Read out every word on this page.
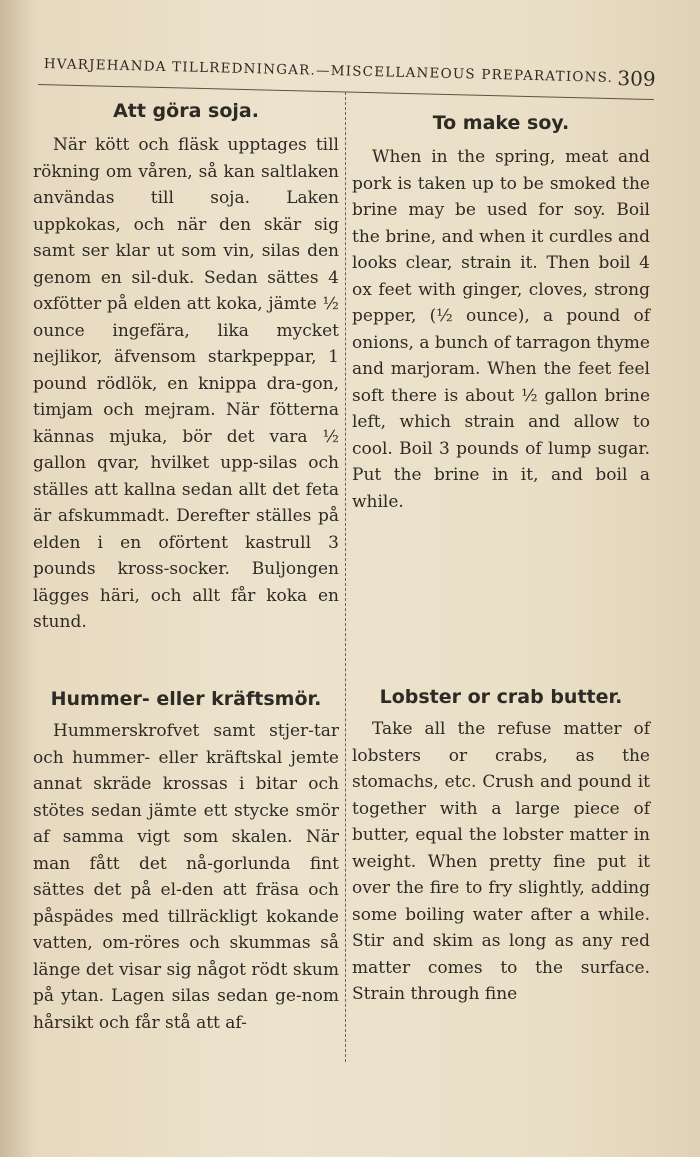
HVARJEHANDA TILLREDNINGAR.—MISCELLANEOUS PREPARATIONS. 309
Att göra soja.

När kött och fläsk upptages till rökning om våren, så kan saltlaken användas till soja. Laken uppkokas, och när den skär sig samt ser klar ut som vin, silas den genom en sil-duk. Sedan sättes 4 oxfötter på elden att koka, jämte ½ ounce ingefära, lika mycket nejlikor, äfvensom starkpeppar, 1 pound rödlök, en knippa dra-gon, timjam och mejram. När fötterna kännas mjuka, bör det vara ½ gallon qvar, hvilket upp-silas och ställes att kallna sedan allt det feta är afskummadt. Derefter ställes på elden i en oförtent kastrull 3 pounds kross-socker. Buljongen lägges häri, och allt får koka en stund.

Hummer- eller kräftsmör.

Hummerskrofvet samt stjer-tar och hummer- eller kräftskal jemte annat skräde krossas i bitar och stötes sedan jämte ett stycke smör af samma vigt som skalen. När man fått det nå-gorlunda fint sättes det på el-den att fräsa och påspädes med tillräckligt kokande vatten, om-röres och skummas så länge det visar sig något rödt skum på ytan. Lagen silas sedan ge-nom hårsikt och får stå att af-

To make soy.

When in the spring, meat and pork is taken up to be smoked the brine may be used for soy. Boil the brine, and when it curdles and looks clear, strain it. Then boil 4 ox feet with ginger, cloves, strong pepper, (½ ounce), a pound of onions, a bunch of tarragon thyme and marjoram. When the feet feel soft there is about ½ gallon brine left, which strain and allow to cool. Boil 3 pounds of lump sugar. Put the brine in it, and boil a while.

Lobster or crab butter.

Take all the refuse matter of lobsters or crabs, as the stomachs, etc. Crush and pound it together with a large piece of butter, equal the lobster matter in weight. When pretty fine put it over the fire to fry slightly, adding some boiling water after a while. Stir and skim as long as any red matter comes to the surface. Strain through fine
